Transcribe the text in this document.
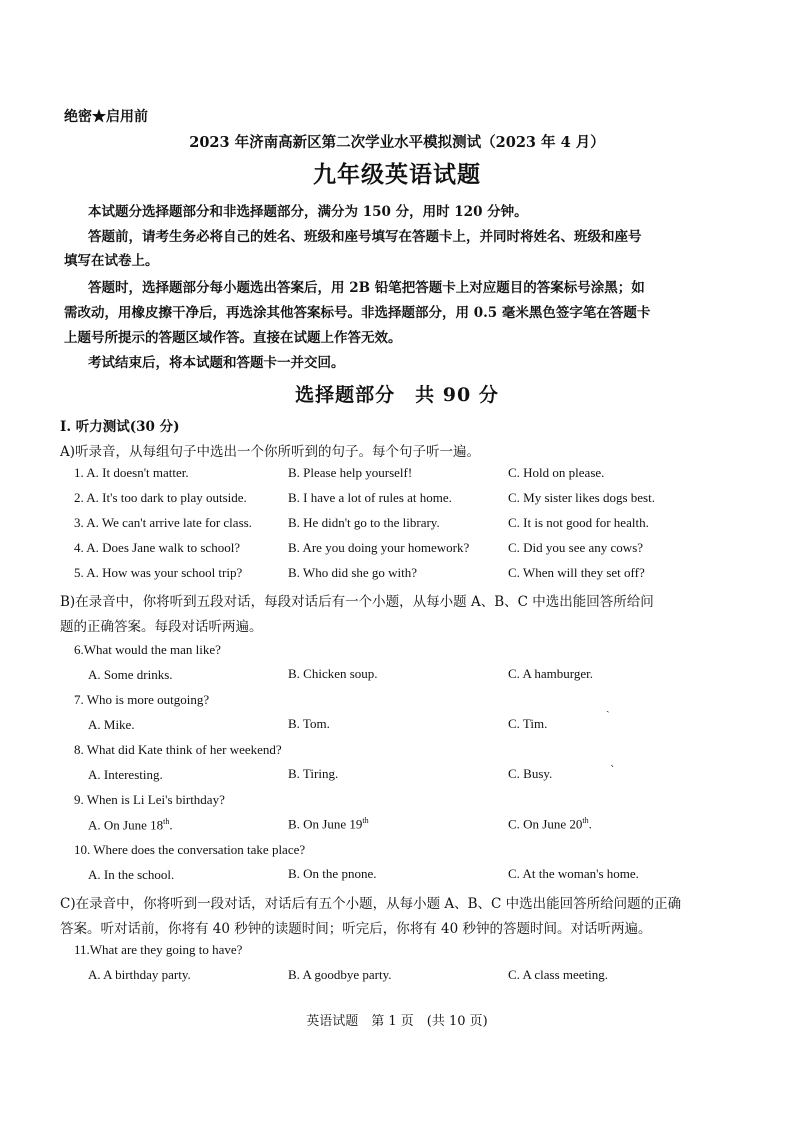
绝密★启用前
2023 年济南高新区第二次学业水平模拟测试（2023 年 4 月）
九年级英语试题
本试题分选择题部分和非选择题部分，满分为 150 分，用时 120 分钟。
答题前，请考生务必将自己的姓名、班级和座号填写在答题卡上，并同时将姓名、班级和座号
填写在试卷上。
答题时，选择题部分每小题选出答案后，用 2B 铅笔把答题卡上对应题目的答案标号涂黑；如
需改动，用橡皮擦干净后，再选涂其他答案标号。非选择题部分，用 0.5 毫米黑色签字笔在答题卡
上题号所提示的答题区域作答。直接在试题上作答无效。
考试结束后，将本试题和答题卡一并交回。
选择题部分　共 90 分
Ⅰ. 听力测试(30 分)
A)听录音，从每组句子中选出一个你所听到的句子。每个句子听一遍。
1. A. It doesn't matter.	B. Please help yourself!	C. Hold on please.
2. A. It's too dark to play outside.	B. I have a lot of rules at home.	C. My sister likes dogs best.
3. A. We can't arrive late for class.	B. He didn't go to the library.	C. It is not good for health.
4. A. Does Jane walk to school?	B. Are you doing your homework?	C. Did you see any cows?
5. A. How was your school trip?	B. Who did she go with?	C. When will they set off?
B)在录音中，你将听到五段对话，每段对话后有一个小题，从每小题 A、B、C 中选出能回答所给问
题的正确答案。每段对话听两遍。
6.What would the man like?
A. Some drinks.	B. Chicken soup.	C. A hamburger.
7. Who is more outgoing?
A. Mike.	B. Tom.	C. Tim.
ˎ
8. What did Kate think of her weekend?
A. Interesting.	B. Tiring.	C. Busy.	ˋ
9. When is Li Lei's birthday?
A. On June 18th.	B. On June 19th	C. On June 20th.
10. Where does the conversation take place?
A. In the school.	B. On the pnone.	C. At the woman's home.
C)在录音中，你将听到一段对话，对话后有五个小题，从每小题 A、B、C 中选出能回答所给问题的正确
答案。听对话前，你将有 40 秒钟的读题时间；听完后，你将有 40 秒钟的答题时间。对话听两遍。
11.What are they going to have?
A. A birthday party.	B. A goodbye party.	C. A class meeting.
英语试题　第 1 页　(共 10 页)
